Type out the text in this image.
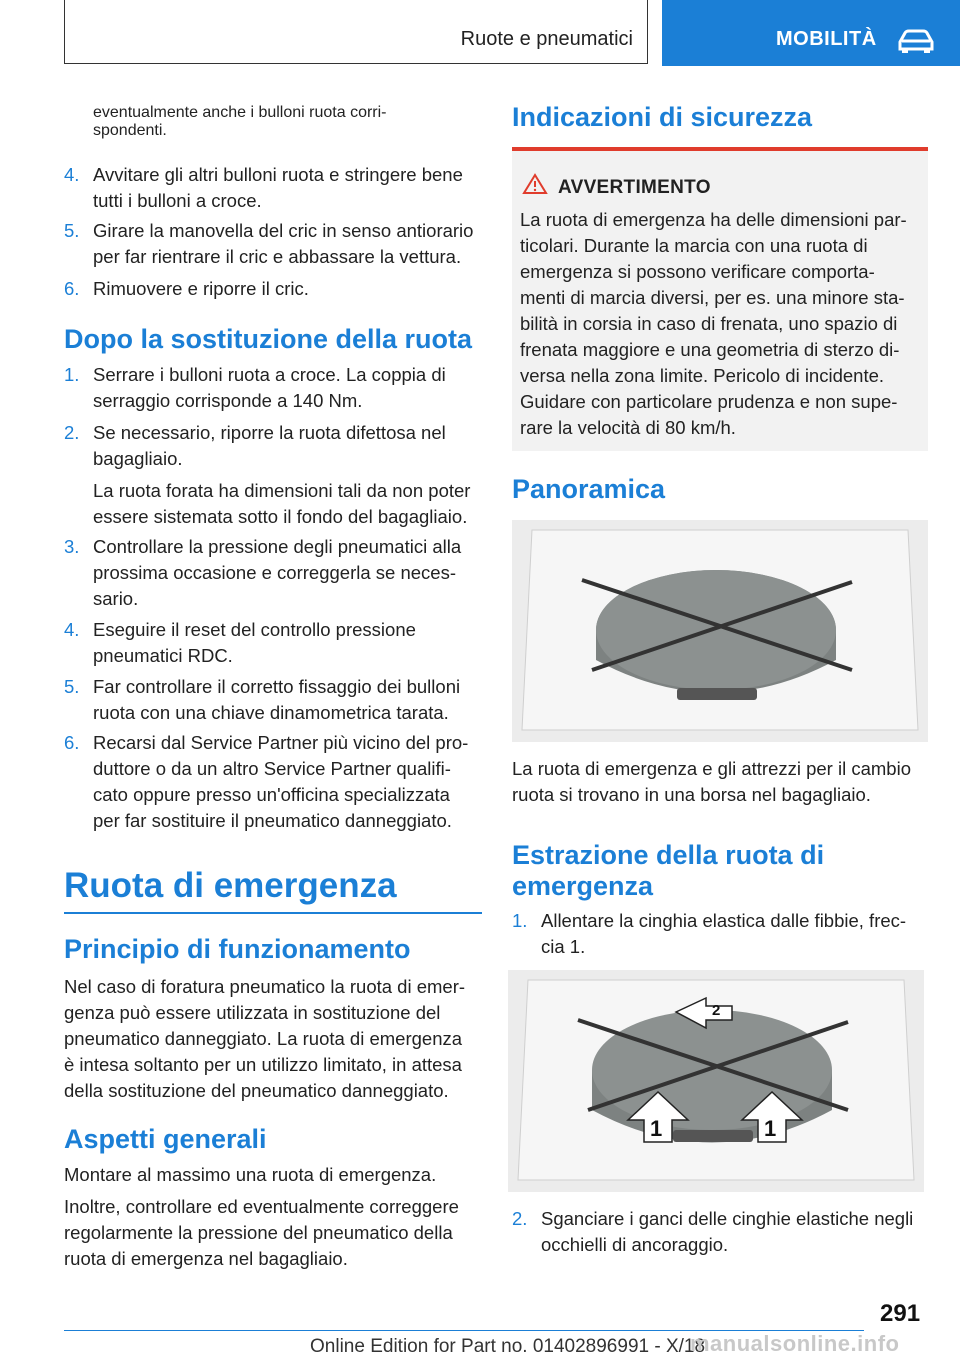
Ruote e pneumatici	MOBILITÀ
eventualmente anche i bulloni ruota corri-
spondenti.
4. Avvitare gli altri bulloni ruota e stringere bene
tutti i bulloni a croce.
5. Girare la manovella del cric in senso antiorario
per far rientrare il cric e abbassare la vettura.
6. Rimuovere e riporre il cric.
Dopo la sostituzione della ruota
1. Serrare i bulloni ruota a croce. La coppia di
serraggio corrisponde a 140 Nm.
2. Se necessario, riporre la ruota difettosa nel
bagagliaio.
La ruota forata ha dimensioni tali da non poter
essere sistemata sotto il fondo del bagagliaio.
3. Controllare la pressione degli pneumatici alla
prossima occasione e correggerla se neces-
sario.
4. Eseguire il reset del controllo pressione
pneumatici RDC.
5. Far controllare il corretto fissaggio dei bulloni
ruota con una chiave dinamometrica tarata.
6. Recarsi dal Service Partner più vicino del pro-
duttore o da un altro Service Partner qualifi-
cato oppure presso un'officina specializzata
per far sostituire il pneumatico danneggiato.
Ruota di emergenza
Principio di funzionamento
Nel caso di foratura pneumatico la ruota di emer-
genza può essere utilizzata in sostituzione del
pneumatico danneggiato. La ruota di emergenza
è intesa soltanto per un utilizzo limitato, in attesa
della sostituzione del pneumatico danneggiato.
Aspetti generali
Montare al massimo una ruota di emergenza.
Inoltre, controllare ed eventualmente correggere
regolarmente la pressione del pneumatico della
ruota di emergenza nel bagagliaio.
Indicazioni di sicurezza
AVVERTIMENTO
La ruota di emergenza ha delle dimensioni par-
ticolari. Durante la marcia con una ruota di
emergenza si possono verificare comporta-
menti di marcia diversi, per es. una minore sta-
bilità in corsia in caso di frenata, uno spazio di
frenata maggiore e una geometria di sterzo di-
versa nella zona limite. Pericolo di incidente.
Guidare con particolare prudenza e non supe-
rare la velocità di 80 km/h.
Panoramica
La ruota di emergenza e gli attrezzi per il cambio
ruota si trovano in una borsa nel bagagliaio.
Estrazione della ruota di
emergenza
1. Allentare la cinghia elastica dalle fibbie, frec-
cia 1.
1	1
2
2. Sganciare i ganci delle cinghie elastiche negli
occhielli di ancoraggio.
291
Online Edition for Part no. 01402896991 - X/18
manualsonline.info
